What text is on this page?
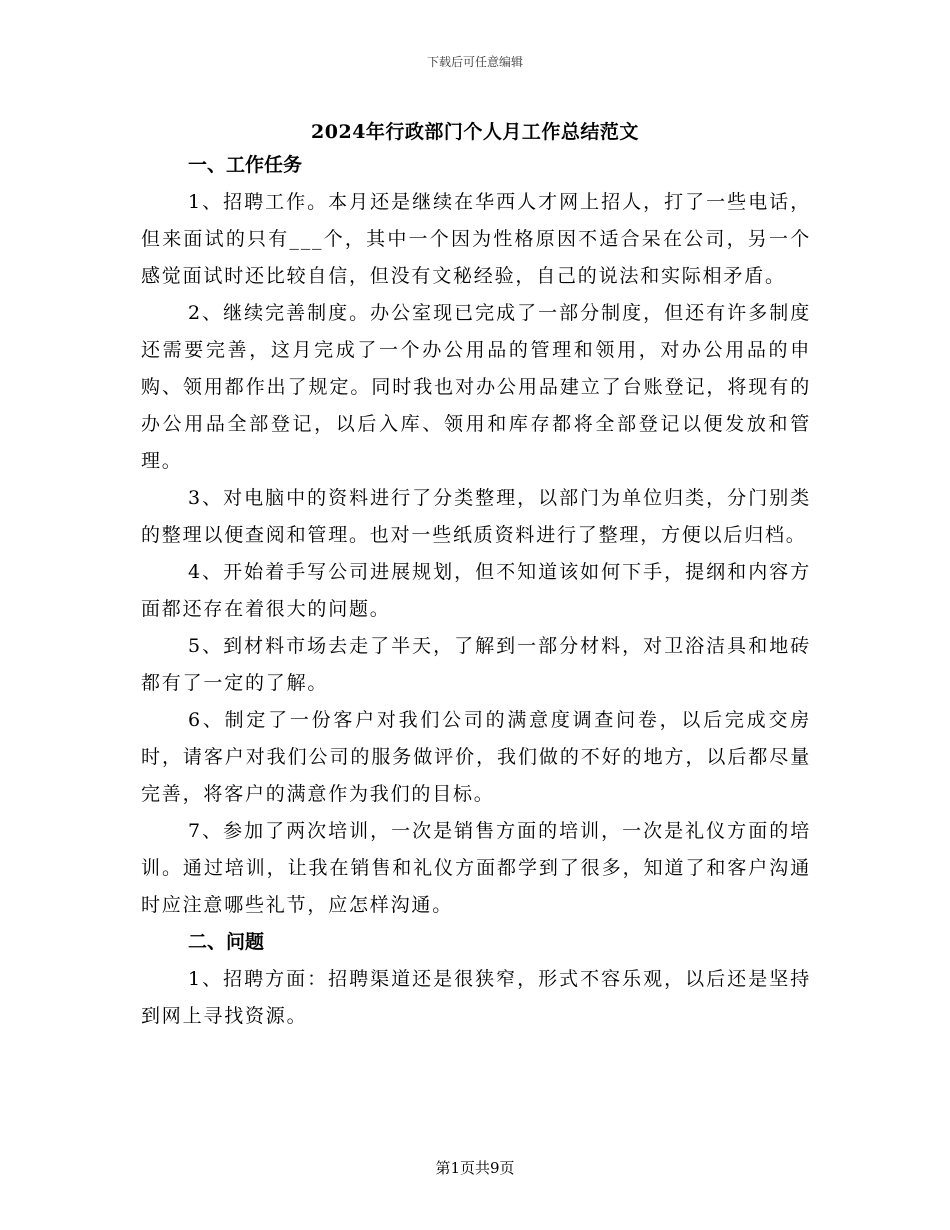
下载后可任意编辑
2024年行政部门个人月工作总结范文
一、工作任务

1、招聘工作。本月还是继续在华西人才网上招人，打了一些电话，但来面试的只有___个，其中一个因为性格原因不适合呆在公司，另一个感觉面试时还比较自信，但没有文秘经验，自己的说法和实际相矛盾。

2、继续完善制度。办公室现已完成了一部分制度，但还有许多制度还需要完善，这月完成了一个办公用品的管理和领用，对办公用品的申购、领用都作出了规定。同时我也对办公用品建立了台账登记，将现有的办公用品全部登记，以后入库、领用和库存都将全部登记以便发放和管理。

3、对电脑中的资料进行了分类整理，以部门为单位归类，分门别类的整理以便查阅和管理。也对一些纸质资料进行了整理，方便以后归档。

4、开始着手写公司进展规划，但不知道该如何下手，提纲和内容方面都还存在着很大的问题。

5、到材料市场去走了半天，了解到一部分材料，对卫浴洁具和地砖都有了一定的了解。

6、制定了一份客户对我们公司的满意度调查问卷，以后完成交房时，请客户对我们公司的服务做评价，我们做的不好的地方，以后都尽量完善，将客户的满意作为我们的目标。

7、参加了两次培训，一次是销售方面的培训，一次是礼仪方面的培训。通过培训，让我在销售和礼仪方面都学到了很多，知道了和客户沟通时应注意哪些礼节，应怎样沟通。

二、问题

1、招聘方面：招聘渠道还是很狭窄，形式不容乐观，以后还是坚持到网上寻找资源。

第1页共9页
